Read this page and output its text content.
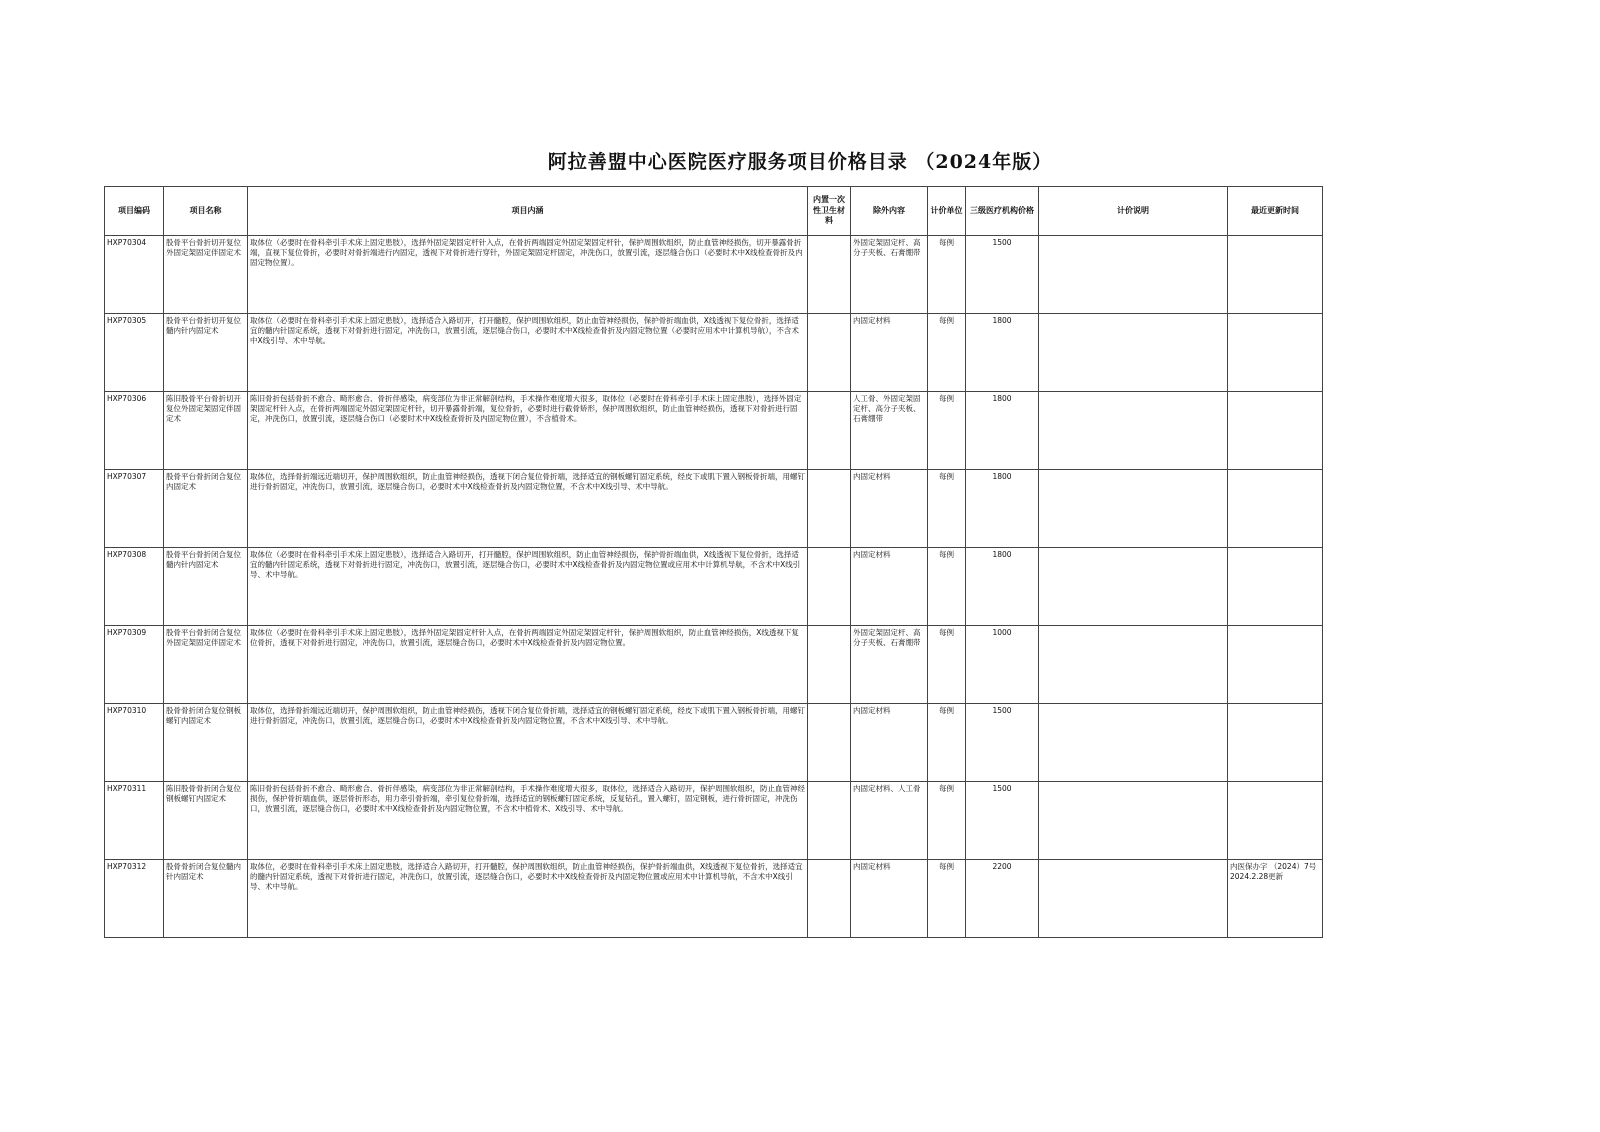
阿拉善盟中心医院医疗服务项目价格目录 （2024年版）
项目编码	项目名称	项目内涵	内置一次性卫生材料	除外内容	计价单位	三级医疗机构价格	计价说明	最近更新时间
HXP70304	股骨平台骨折切开复位外固定架固定伴固定术	取体位（必要时在骨科牵引手术床上固定患肢），选择外固定架固定杆针入点，在骨折两端固定外固定架固定杆针，保护周围软组织，防止血管神经损伤，切开暴露骨折端，直视下复位骨折，必要时对骨折端进行内固定，透视下对骨折进行穿针，外固定架固定杆固定，冲洗伤口，放置引流，逐层缝合伤口（必要时术中X线检查骨折及内固定物位置）。		外固定架固定杆、高分子夹板、石膏绷带	每例	1500		
HXP70305	股骨平台骨折切开复位髓内针内固定术	取体位（必要时在骨科牵引手术床上固定患肢），选择适合入路切开，打开髓腔，保护周围软组织，防止血管神经损伤，保护骨折端血供，X线透视下复位骨折，选择适宜的髓内针固定系统，透视下对骨折进行固定，冲洗伤口，放置引流，逐层缝合伤口，必要时术中X线检查骨折及内固定物位置（必要时应用术中计算机导航），不含术中X线引导、术中导航。		内固定材料	每例	1800		
HXP70306	陈旧股骨平台骨折切开复位外固定架固定伴固定术	陈旧骨折包括骨折不愈合、畸形愈合、骨折伴感染，病变部位为非正常解剖结构，手术操作难度增大很多，取体位（必要时在骨科牵引手术床上固定患肢），选择外固定架固定杆针入点，在骨折两端固定外固定架固定杆针，切开暴露骨折端，复位骨折，必要时进行截骨矫形，保护周围软组织，防止血管神经损伤，透视下对骨折进行固定，冲洗伤口，放置引流，逐层缝合伤口（必要时术中X线检查骨折及内固定物位置），不含植骨术。		人工骨、外固定架固定杆、高分子夹板、石膏绷带	每例	1800		
HXP70307	股骨平台骨折闭合复位内固定术	取体位，选择骨折端远近端切开，保护周围软组织，防止血管神经损伤，透视下闭合复位骨折端，选择适宜的钢板螺钉固定系统，经皮下或肌下置入钢板骨折端，用螺钉进行骨折固定，冲洗伤口，放置引流，逐层缝合伤口，必要时术中X线检查骨折及内固定物位置，不含术中X线引导、术中导航。		内固定材料	每例	1800		
HXP70308	股骨平台骨折闭合复位髓内针内固定术	取体位（必要时在骨科牵引手术床上固定患肢），选择适合入路切开，打开髓腔，保护周围软组织，防止血管神经损伤，保护骨折端血供，X线透视下复位骨折，选择适宜的髓内针固定系统，透视下对骨折进行固定，冲洗伤口，放置引流，逐层缝合伤口，必要时术中X线检查骨折及内固定物位置或应用术中计算机导航，不含术中X线引导、术中导航。		内固定材料	每例	1800		
HXP70309	股骨平台骨折闭合复位外固定架固定伴固定术	取体位（必要时在骨科牵引手术床上固定患肢），选择外固定架固定杆针入点，在骨折两端固定外固定架固定杆针，保护周围软组织，防止血管神经损伤，X线透视下复位骨折，透视下对骨折进行固定，冲洗伤口，放置引流，逐层缝合伤口，必要时术中X线检查骨折及内固定物位置。		外固定架固定杆、高分子夹板、石膏绷带	每例	1000		
HXP70310	股骨骨折闭合复位钢板螺钉内固定术	取体位，选择骨折端远近端切开，保护周围软组织，防止血管神经损伤，透视下闭合复位骨折端，选择适宜的钢板螺钉固定系统，经皮下或肌下置入钢板骨折端，用螺钉进行骨折固定，冲洗伤口，放置引流，逐层缝合伤口，必要时术中X线检查骨折及内固定物位置，不含术中X线引导、术中导航。		内固定材料	每例	1500		
HXP70311	陈旧股骨骨折闭合复位钢板螺钉内固定术	陈旧骨折包括骨折不愈合、畸形愈合、骨折伴感染，病变部位为非正常解剖结构，手术操作难度增大很多，取体位，选择适合入路切开，保护周围软组织，防止血管神经损伤，保护骨折端血供，逐层骨折形态，用力牵引骨折端，牵引复位骨折端，选择适宜的钢板螺钉固定系统，反复钻孔，置入螺钉，固定钢板，进行骨折固定，冲洗伤口，放置引流，逐层缝合伤口，必要时术中X线检查骨折及内固定物位置，不含术中植骨术、X线引导、术中导航。		内固定材料、人工骨	每例	1500		
HXP70312	股骨骨折闭合复位髓内针内固定术	取体位，必要时在骨科牵引手术床上固定患肢，选择适合入路切开，打开髓腔，保护周围软组织，防止血管神经损伤，保护骨折端血供，X线透视下复位骨折，选择适宜的髓内针固定系统，透视下对骨折进行固定，冲洗伤口，放置引流，逐层缝合伤口，必要时术中X线检查骨折及内固定物位置或应用术中计算机导航，不含术中X线引导、术中导航。		内固定材料	每例	2200		内医保办字 （2024）7号 2024.2.28更新
